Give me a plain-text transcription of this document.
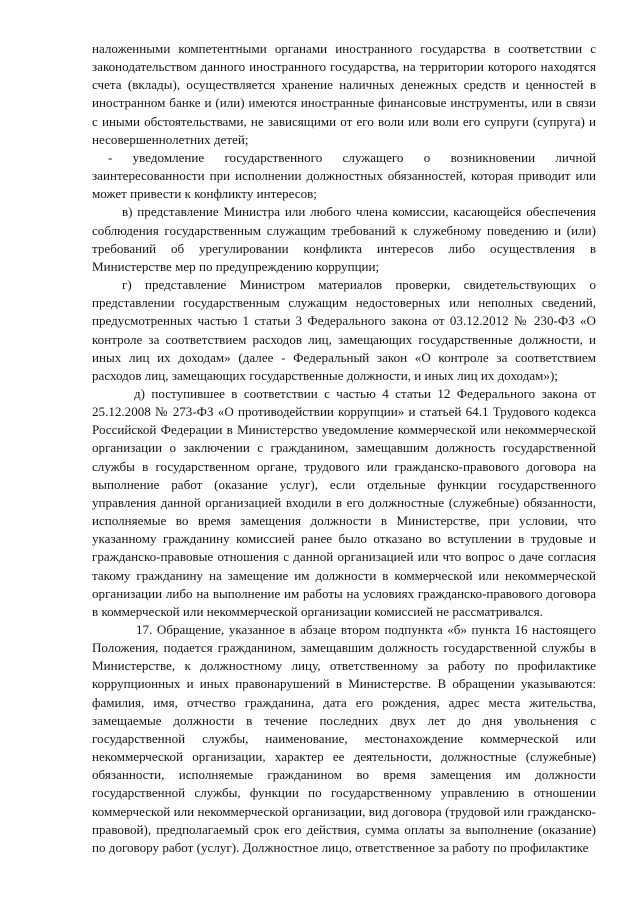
наложенными компетентными органами иностранного государства в соответствии с законодательством данного иностранного государства, на территории которого находятся счета (вклады), осуществляется хранение наличных денежных средств и ценностей в иностранном банке и (или) имеются иностранные финансовые инструменты, или в связи с иными обстоятельствами, не зависящими от его воли или воли его супруги (супруга) и несовершеннолетних детей;

- уведомление государственного служащего о возникновении личной заинтересованности при исполнении должностных обязанностей, которая приводит или может привести к конфликту интересов;

в) представление Министра или любого члена комиссии, касающейся обеспечения соблюдения государственным служащим требований к служебному поведению и (или) требований об урегулировании конфликта интересов либо осуществления в Министерстве мер по предупреждению коррупции;

г) представление Министром материалов проверки, свидетельствующих о представлении государственным служащим недостоверных или неполных сведений, предусмотренных частью 1 статьи 3 Федерального закона от 03.12.2012 № 230-ФЗ «О контроле за соответствием расходов лиц, замещающих государственные должности, и иных лиц их доходам» (далее - Федеральный закон «О контроле за соответствием расходов лиц, замещающих государственные должности, и иных лиц их доходам»);

д) поступившее в соответствии с частью 4 статьи 12 Федерального закона от 25.12.2008 № 273-ФЗ «О противодействии коррупции» и статьей 64.1 Трудового кодекса Российской Федерации в Министерство уведомление коммерческой или некоммерческой организации о заключении с гражданином, замещавшим должность государственной службы в государственном органе, трудового или гражданско-правового договора на выполнение работ (оказание услуг), если отдельные функции государственного управления данной организацией входили в его должностные (служебные) обязанности, исполняемые во время замещения должности в Министерстве, при условии, что указанному гражданину комиссией ранее было отказано во вступлении в трудовые и гражданско-правовые отношения с данной организацией или что вопрос о даче согласия такому гражданину на замещение им должности в коммерческой или некоммерческой организации либо на выполнение им работы на условиях гражданско-правового договора в коммерческой или некоммерческой организации комиссией не рассматривался.

17. Обращение, указанное в абзаце втором подпункта «б» пункта 16 настоящего Положения, подается гражданином, замещавшим должность государственной службы в Министерстве, к должностному лицу, ответственному за работу по профилактике коррупционных и иных правонарушений в Министерстве. В обращении указываются: фамилия, имя, отчество гражданина, дата его рождения, адрес места жительства, замещаемые должности в течение последних двух лет до дня увольнения с государственной службы, наименование, местонахождение коммерческой или некоммерческой организации, характер ее деятельности, должностные (служебные) обязанности, исполняемые гражданином во время замещения им должности государственной службы, функции по государственному управлению в отношении коммерческой или некоммерческой организации, вид договора (трудовой или гражданско-правовой), предполагаемый срок его действия, сумма оплаты за выполнение (оказание) по договору работ (услуг). Должностное лицо, ответственное за работу по профилактике
